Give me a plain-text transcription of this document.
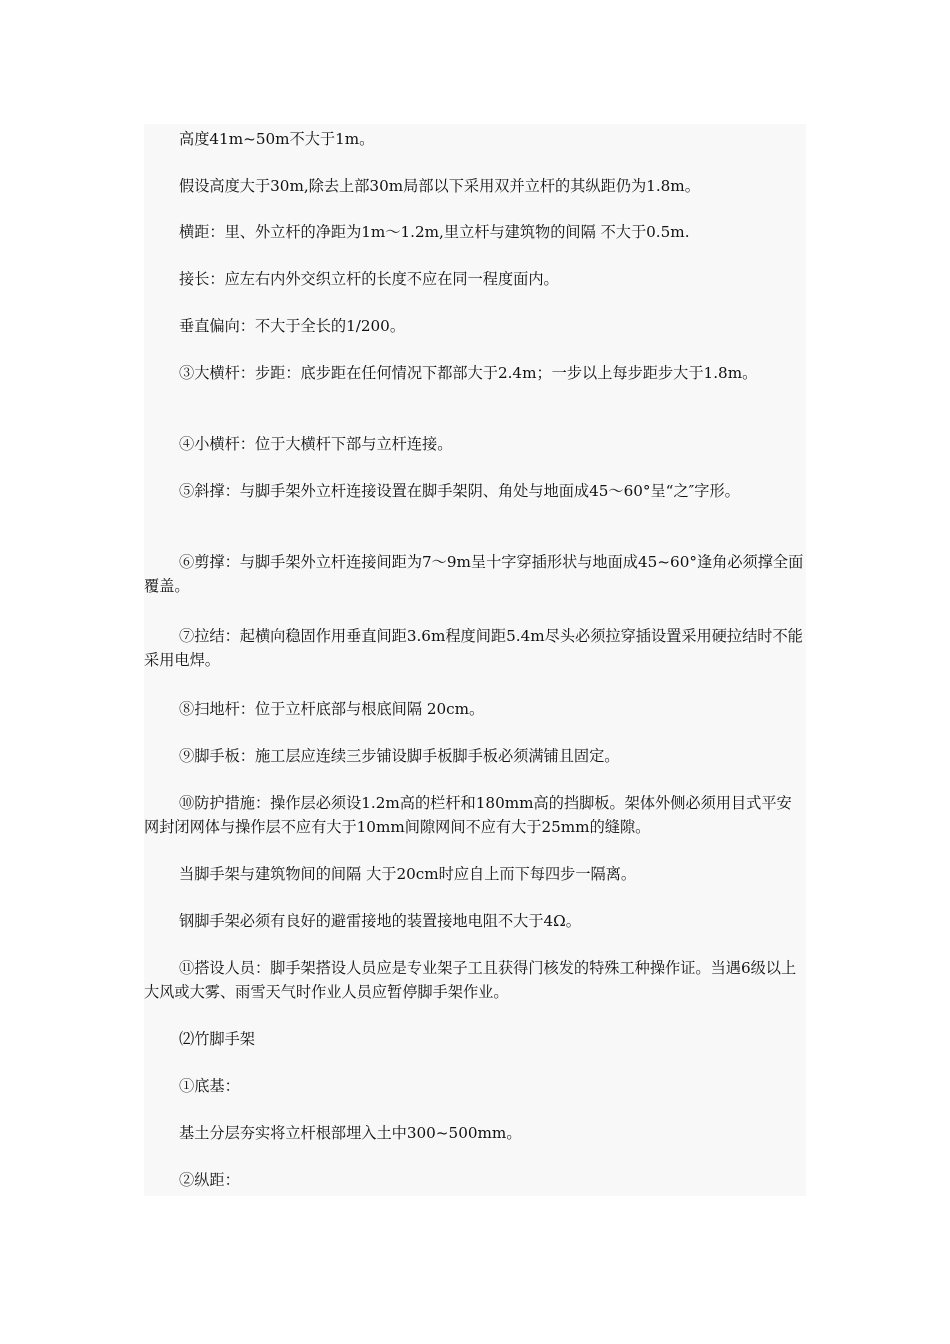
高度41m~50m不大于1m。

假设高度大于30m,除去上部30m局部以下采用双并立杆的其纵距仍为1.8m。

横距：里、外立杆的净距为1m～1.2m,里立杆与建筑物的间隔 不大于0.5m.

接长：应左右内外交织立杆的长度不应在同一程度面内。

垂直偏向：不大于全长的1/200。

③大横杆：步距：底步距在任何情况下都部大于2.4m；一步以上每步距步大于1.8m。

④小横杆：位于大横杆下部与立杆连接。

⑤斜撑：与脚手架外立杆连接设置在脚手架阴、角处与地面成45～60°呈“之″字形。

⑥剪撑：与脚手架外立杆连接间距为7～9m呈十字穿插形状与地面成45~60°逢角必须撑全面覆盖。

⑦拉结：起横向稳固作用垂直间距3.6m程度间距5.4m尽头必须拉穿插设置采用硬拉结时不能采用电焊。

⑧扫地杆：位于立杆底部与根底间隔 20cm。

⑨脚手板：施工层应连续三步铺设脚手板脚手板必须满铺且固定。

⑩防护措施：操作层必须设1.2m高的栏杆和180mm高的挡脚板。架体外侧必须用目式平安网封闭网体与操作层不应有大于10mm间隙网间不应有大于25mm的缝隙。

当脚手架与建筑物间的间隔 大于20cm时应自上而下每四步一隔离。

钢脚手架必须有良好的避雷接地的装置接地电阻不大于4Ω。

⑪搭设人员：脚手架搭设人员应是专业架子工且获得门核发的特殊工种操作证。当遇6级以上大风或大雾、雨雪天气时作业人员应暂停脚手架作业。

⑵竹脚手架

①底基：

基土分层夯实将立杆根部埋入土中300~500mm。

②纵距：
